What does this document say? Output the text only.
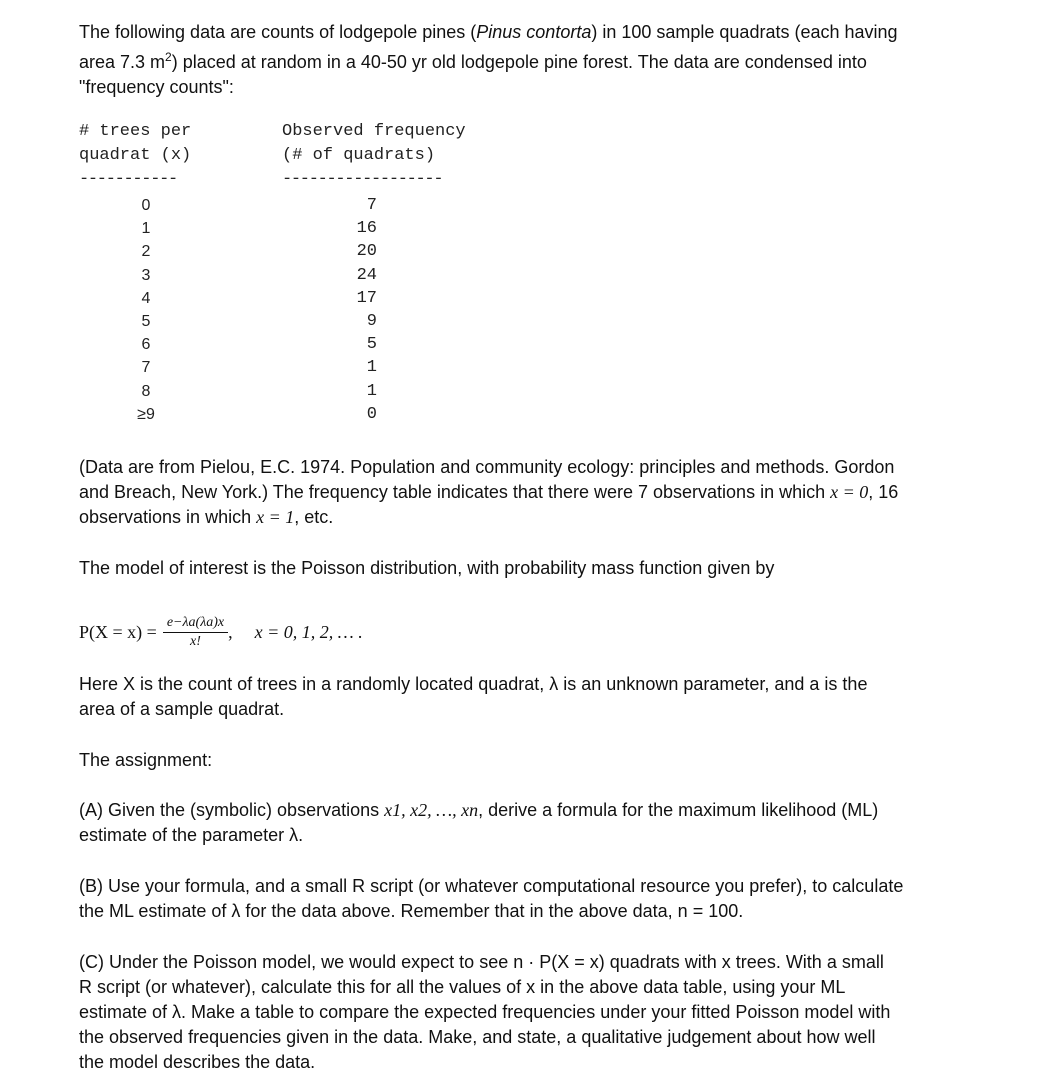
The following data are counts of lodgepole pines (Pinus contorta) in 100 sample quadrats (each having

area 7.3 $m^2$) placed at random in a 40-50 yr old lodgepole pine forest. The data are condensed into

"frequency counts":

# trees per
quadrat (x)
Observed frequency
(# of quadrats)
-----------	------------------
0
1
2
3
4
5
6
7
8
≥9
7
16
20
24
17
9
5
1
1
0

(Data are from Pielou, E.C. 1974. Population and community ecology: principles and methods. Gordon

and Breach, New York.) The frequency table indicates that there were 7 observations in which x = 0, 16

observations in which x = 1, etc.

The model of interest is the Poisson distribution, with probability mass function given by

$P(X = x) = \frac{e-\lambda a(\lambda a)x}{x!}$ , x = 0, 1, 2, … .

Here X is the count of trees in a randomly located quadrat, λ is an unknown parameter, and a is the

area of a sample quadrat.

The assignment:

(A) Given the (symbolic) observations x1, x2, …, xn, derive a formula for the maximum likelihood (ML)

estimate of the parameter λ.

(B) Use your formula, and a small R script (or whatever computational resource you prefer), to calculate

the ML estimate of λ for the data above. Remember that in the above data, n = 100.

(C) Under the Poisson model, we would expect to see n · P(X = x) quadrats with x trees. With a small

R script (or whatever), calculate this for all the values of x in the above data table, using your ML

estimate of λ. Make a table to compare the expected frequencies under your fitted Poisson model with

the observed frequencies given in the data. Make, and state, a qualitative judgement about how well

the model describes the data.
